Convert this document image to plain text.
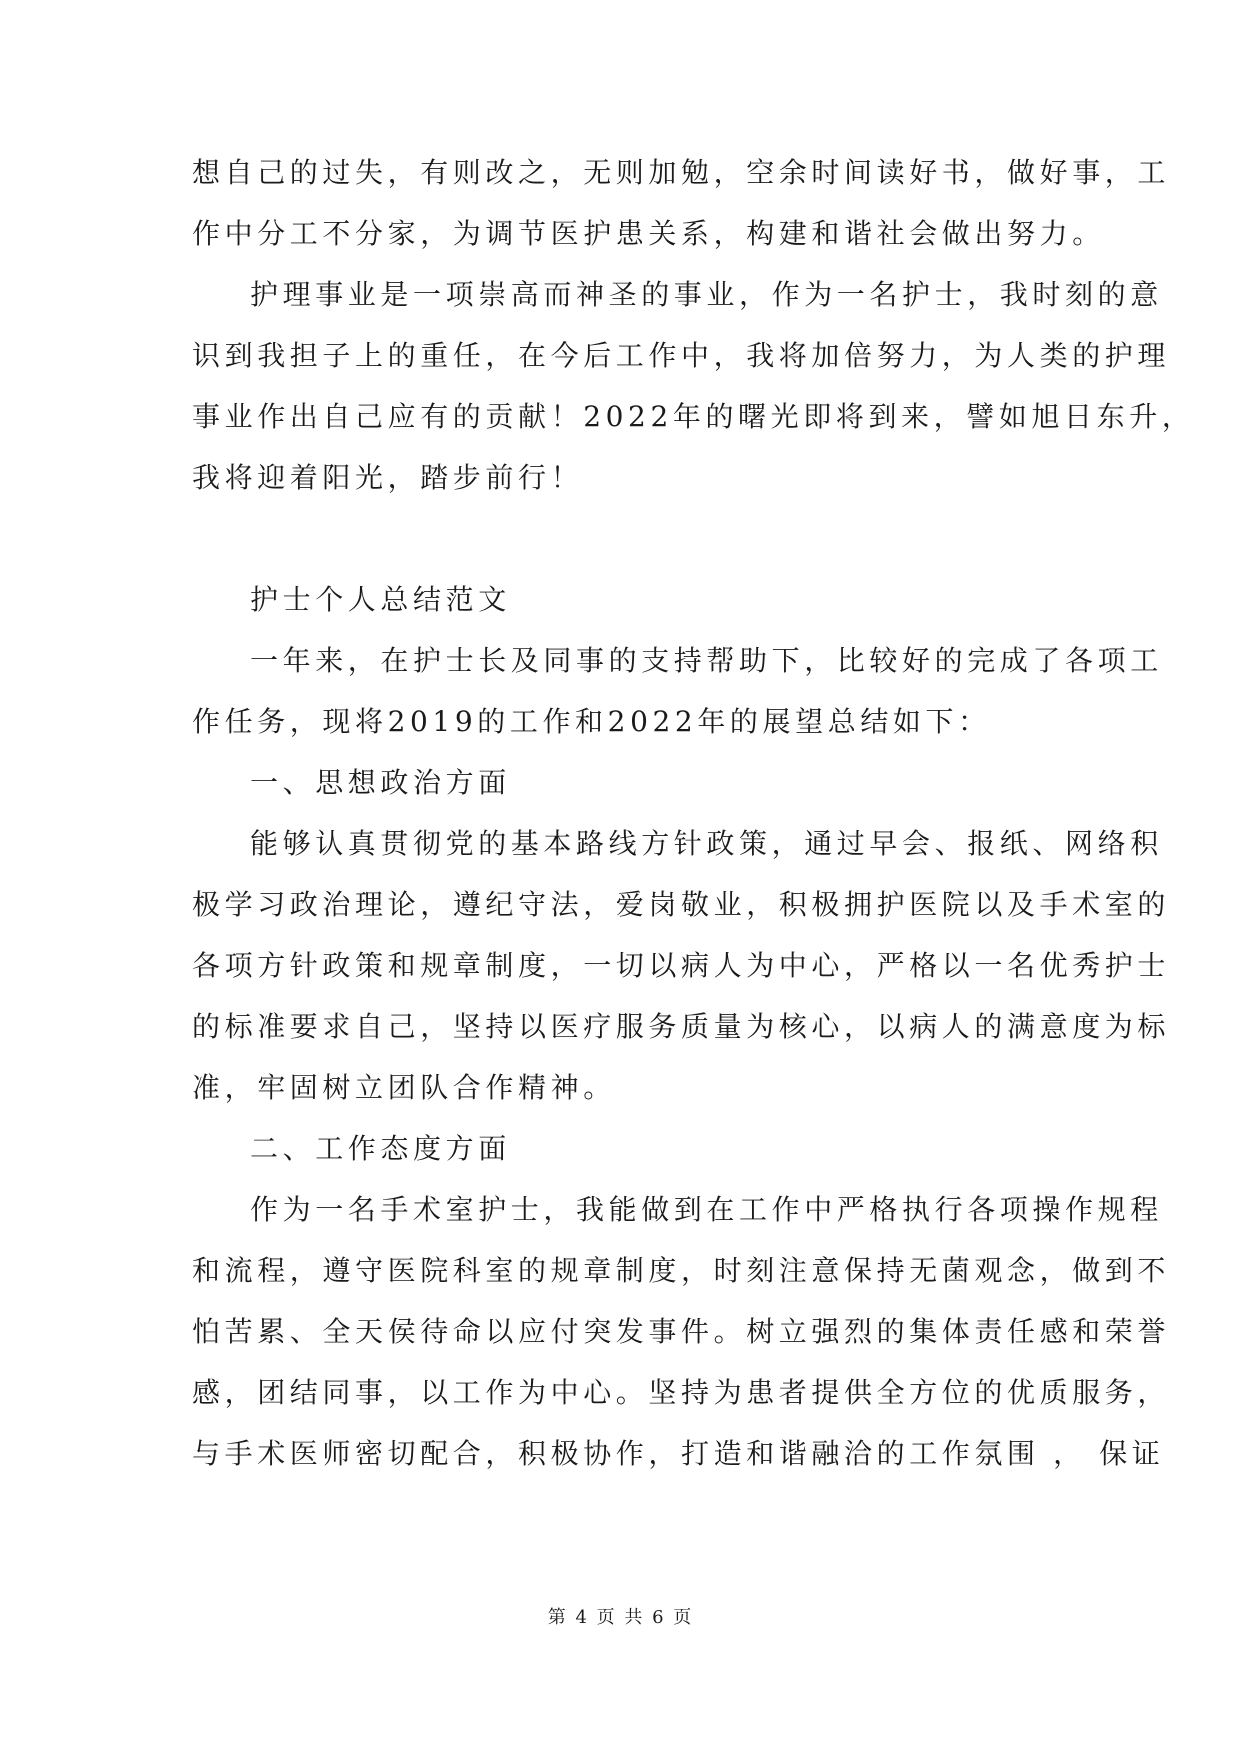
想自己的过失，有则改之，无则加勉，空余时间读好书，做好事，工
作中分工不分家，为调节医护患关系，构建和谐社会做出努力。
护理事业是一项崇高而神圣的事业，作为一名护士，我时刻的意
识到我担子上的重任，在今后工作中，我将加倍努力，为人类的护理
事业作出自己应有的贡献！2022年的曙光即将到来，譬如旭日东升，
我将迎着阳光，踏步前行！
护士个人总结范文
一年来，在护士长及同事的支持帮助下，比较好的完成了各项工
作任务，现将2019的工作和2022年的展望总结如下：
一、思想政治方面
能够认真贯彻党的基本路线方针政策，通过早会、报纸、网络积
极学习政治理论，遵纪守法，爱岗敬业，积极拥护医院以及手术室的
各项方针政策和规章制度，一切以病人为中心，严格以一名优秀护士
的标准要求自己，坚持以医疗服务质量为核心，以病人的满意度为标
准，牢固树立团队合作精神。
二、工作态度方面
作为一名手术室护士，我能做到在工作中严格执行各项操作规程
和流程，遵守医院科室的规章制度，时刻注意保持无菌观念，做到不
怕苦累、全天侯待命以应付突发事件。树立强烈的集体责任感和荣誉
感，团结同事，以工作为中心。坚持为患者提供全方位的优质服务，
与手术医师密切配合，积极协作，打造和谐融洽的工作氛围 ， 保证
第 4 页 共 6 页
